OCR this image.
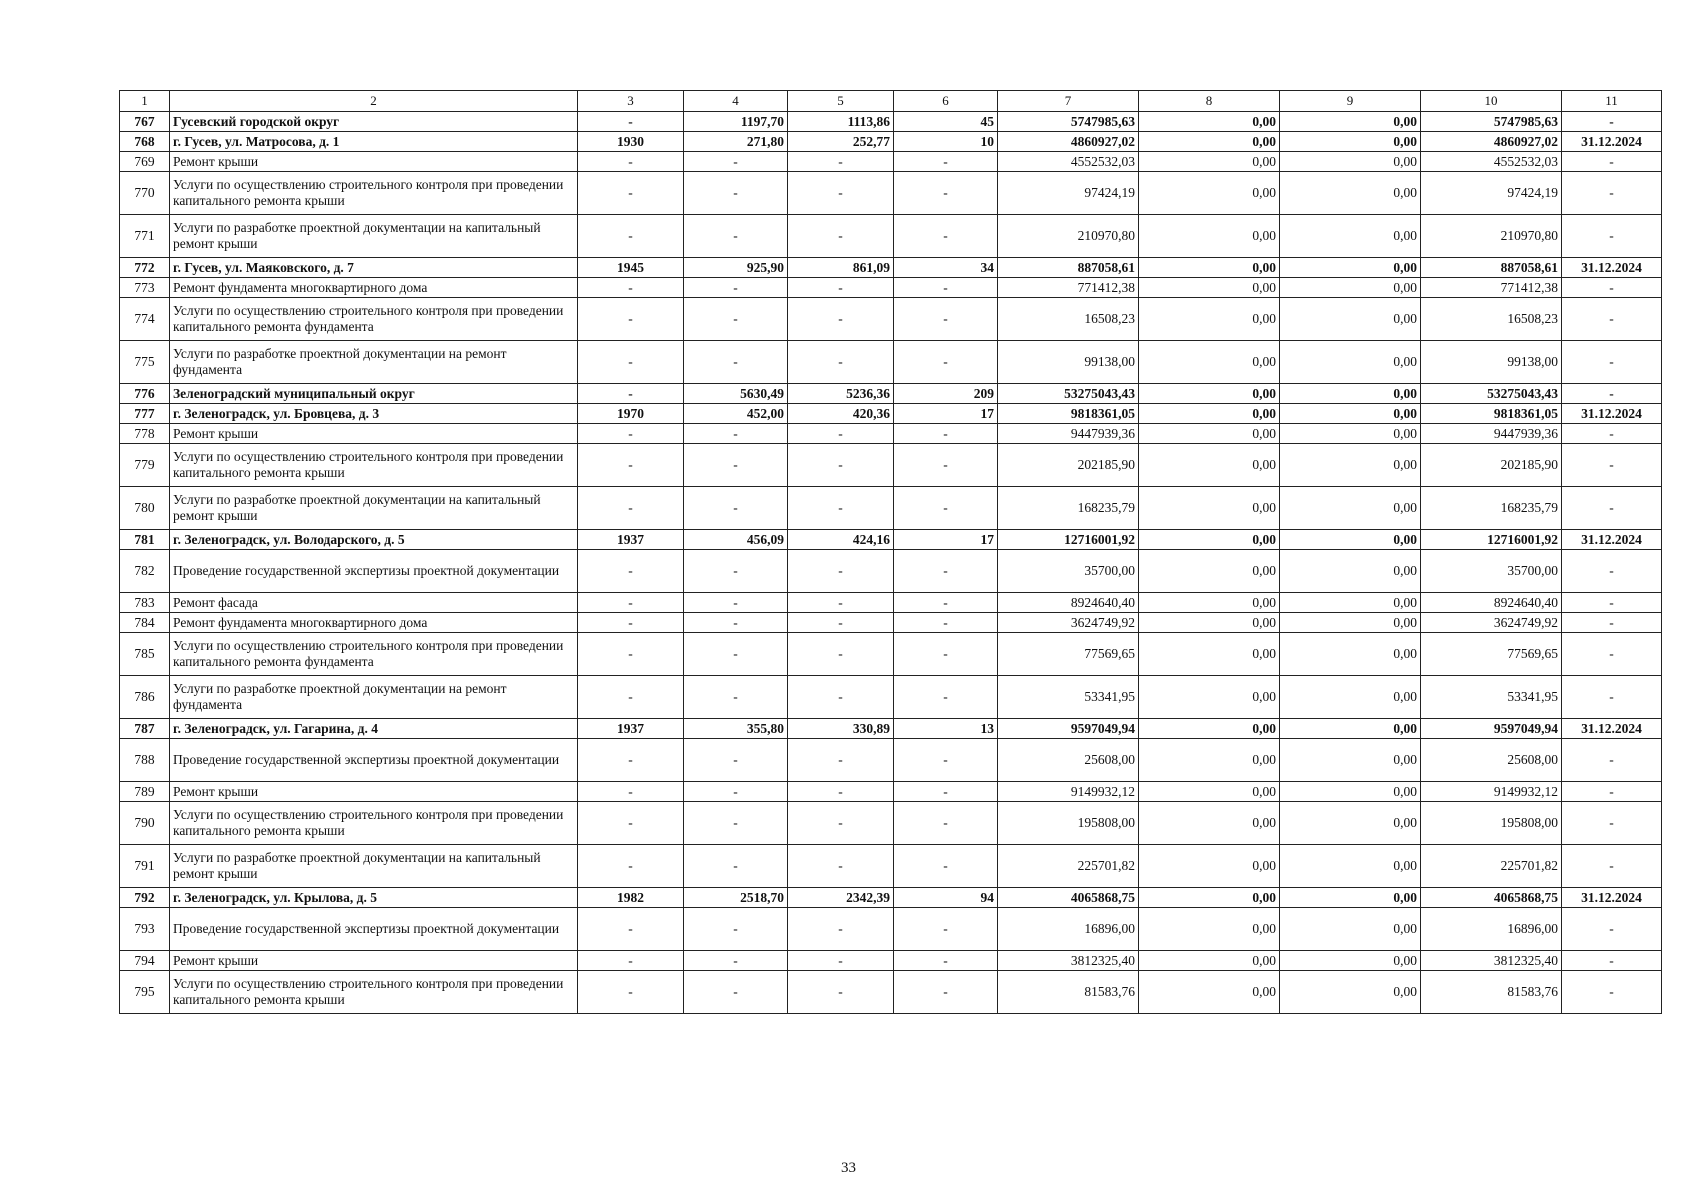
1	2	3	4	5	6	7	8	9	10	11
767	Гусевский городской округ	-	1197,70	1113,86	45	5747985,63	0,00	0,00	5747985,63	-
768	г. Гусев, ул. Матросова, д. 1	1930	271,80	252,77	10	4860927,02	0,00	0,00	4860927,02	31.12.2024
769	Ремонт крыши	-	-	-	-	4552532,03	0,00	0,00	4552532,03	-
770	Услуги по осуществлению строительного контроля при проведении капитального ремонта крыши	-	-	-	-	97424,19	0,00	0,00	97424,19	-
771	Услуги по разработке проектной документации на капитальный ремонт крыши	-	-	-	-	210970,80	0,00	0,00	210970,80	-
772	г. Гусев, ул. Маяковского, д. 7	1945	925,90	861,09	34	887058,61	0,00	0,00	887058,61	31.12.2024
773	Ремонт фундамента многоквартирного дома	-	-	-	-	771412,38	0,00	0,00	771412,38	-
774	Услуги по осуществлению строительного контроля при проведении капитального ремонта фундамента	-	-	-	-	16508,23	0,00	0,00	16508,23	-
775	Услуги по разработке проектной документации на ремонт фундамента	-	-	-	-	99138,00	0,00	0,00	99138,00	-
776	Зеленоградский муниципальный округ	-	5630,49	5236,36	209	53275043,43	0,00	0,00	53275043,43	-
777	г. Зеленоградск, ул. Бровцева, д. 3	1970	452,00	420,36	17	9818361,05	0,00	0,00	9818361,05	31.12.2024
778	Ремонт крыши	-	-	-	-	9447939,36	0,00	0,00	9447939,36	-
779	Услуги по осуществлению строительного контроля при проведении капитального ремонта крыши	-	-	-	-	202185,90	0,00	0,00	202185,90	-
780	Услуги по разработке проектной документации на капитальный ремонт крыши	-	-	-	-	168235,79	0,00	0,00	168235,79	-
781	г. Зеленоградск, ул. Володарского, д. 5	1937	456,09	424,16	17	12716001,92	0,00	0,00	12716001,92	31.12.2024
782	Проведение государственной экспертизы проектной документации	-	-	-	-	35700,00	0,00	0,00	35700,00	-
783	Ремонт фасада	-	-	-	-	8924640,40	0,00	0,00	8924640,40	-
784	Ремонт фундамента многоквартирного дома	-	-	-	-	3624749,92	0,00	0,00	3624749,92	-
785	Услуги по осуществлению строительного контроля при проведении капитального ремонта фундамента	-	-	-	-	77569,65	0,00	0,00	77569,65	-
786	Услуги по разработке проектной документации на ремонт фундамента	-	-	-	-	53341,95	0,00	0,00	53341,95	-
787	г. Зеленоградск, ул. Гагарина, д. 4	1937	355,80	330,89	13	9597049,94	0,00	0,00	9597049,94	31.12.2024
788	Проведение государственной экспертизы проектной документации	-	-	-	-	25608,00	0,00	0,00	25608,00	-
789	Ремонт крыши	-	-	-	-	9149932,12	0,00	0,00	9149932,12	-
790	Услуги по осуществлению строительного контроля при проведении капитального ремонта крыши	-	-	-	-	195808,00	0,00	0,00	195808,00	-
791	Услуги по разработке проектной документации на капитальный ремонт крыши	-	-	-	-	225701,82	0,00	0,00	225701,82	-
792	г. Зеленоградск, ул. Крылова, д. 5	1982	2518,70	2342,39	94	4065868,75	0,00	0,00	4065868,75	31.12.2024
793	Проведение государственной экспертизы проектной документации	-	-	-	-	16896,00	0,00	0,00	16896,00	-
794	Ремонт крыши	-	-	-	-	3812325,40	0,00	0,00	3812325,40	-
795	Услуги по осуществлению строительного контроля при проведении капитального ремонта крыши	-	-	-	-	81583,76	0,00	0,00	81583,76	-
33
